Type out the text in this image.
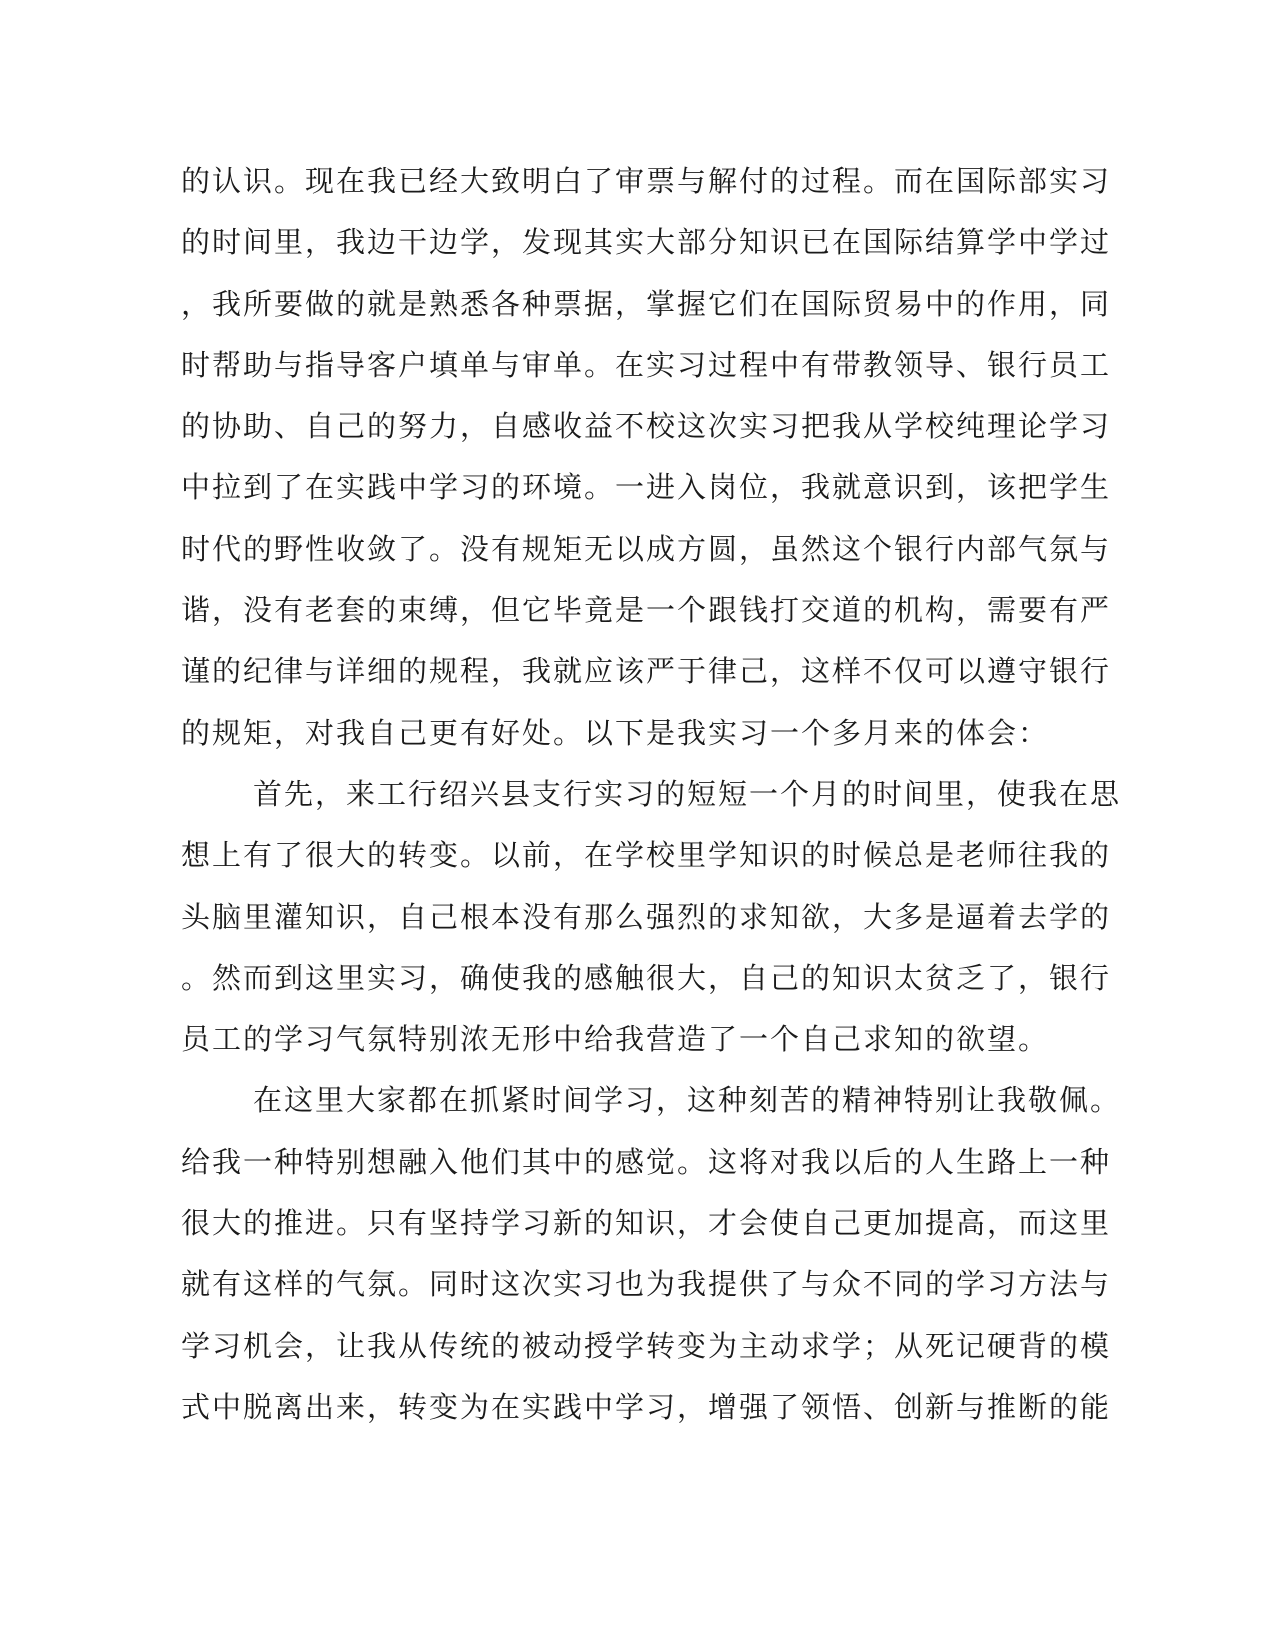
的认识。现在我已经大致明白了审票与解付的过程。而在国际部实习
的时间里，我边干边学，发现其实大部分知识已在国际结算学中学过
，我所要做的就是熟悉各种票据，掌握它们在国际贸易中的作用，同
时帮助与指导客户填单与审单。在实习过程中有带教领导、银行员工
的协助、自己的努力，自感收益不校这次实习把我从学校纯理论学习
中拉到了在实践中学习的环境。一进入岗位，我就意识到，该把学生
时代的野性收敛了。没有规矩无以成方圆，虽然这个银行内部气氛与
谐，没有老套的束缚，但它毕竟是一个跟钱打交道的机构，需要有严
谨的纪律与详细的规程，我就应该严于律己，这样不仅可以遵守银行
的规矩，对我自己更有好处。以下是我实习一个多月来的体会：
首先，来工行绍兴县支行实习的短短一个月的时间里，使我在思
想上有了很大的转变。以前，在学校里学知识的时候总是老师往我的
头脑里灌知识，自己根本没有那么强烈的求知欲，大多是逼着去学的
。然而到这里实习，确使我的感触很大，自己的知识太贫乏了，银行
员工的学习气氛特别浓无形中给我营造了一个自己求知的欲望。
在这里大家都在抓紧时间学习，这种刻苦的精神特别让我敬佩。
给我一种特别想融入他们其中的感觉。这将对我以后的人生路上一种
很大的推进。只有坚持学习新的知识，才会使自己更加提高，而这里
就有这样的气氛。同时这次实习也为我提供了与众不同的学习方法与
学习机会，让我从传统的被动授学转变为主动求学；从死记硬背的模
式中脱离出来，转变为在实践中学习，增强了领悟、创新与推断的能
